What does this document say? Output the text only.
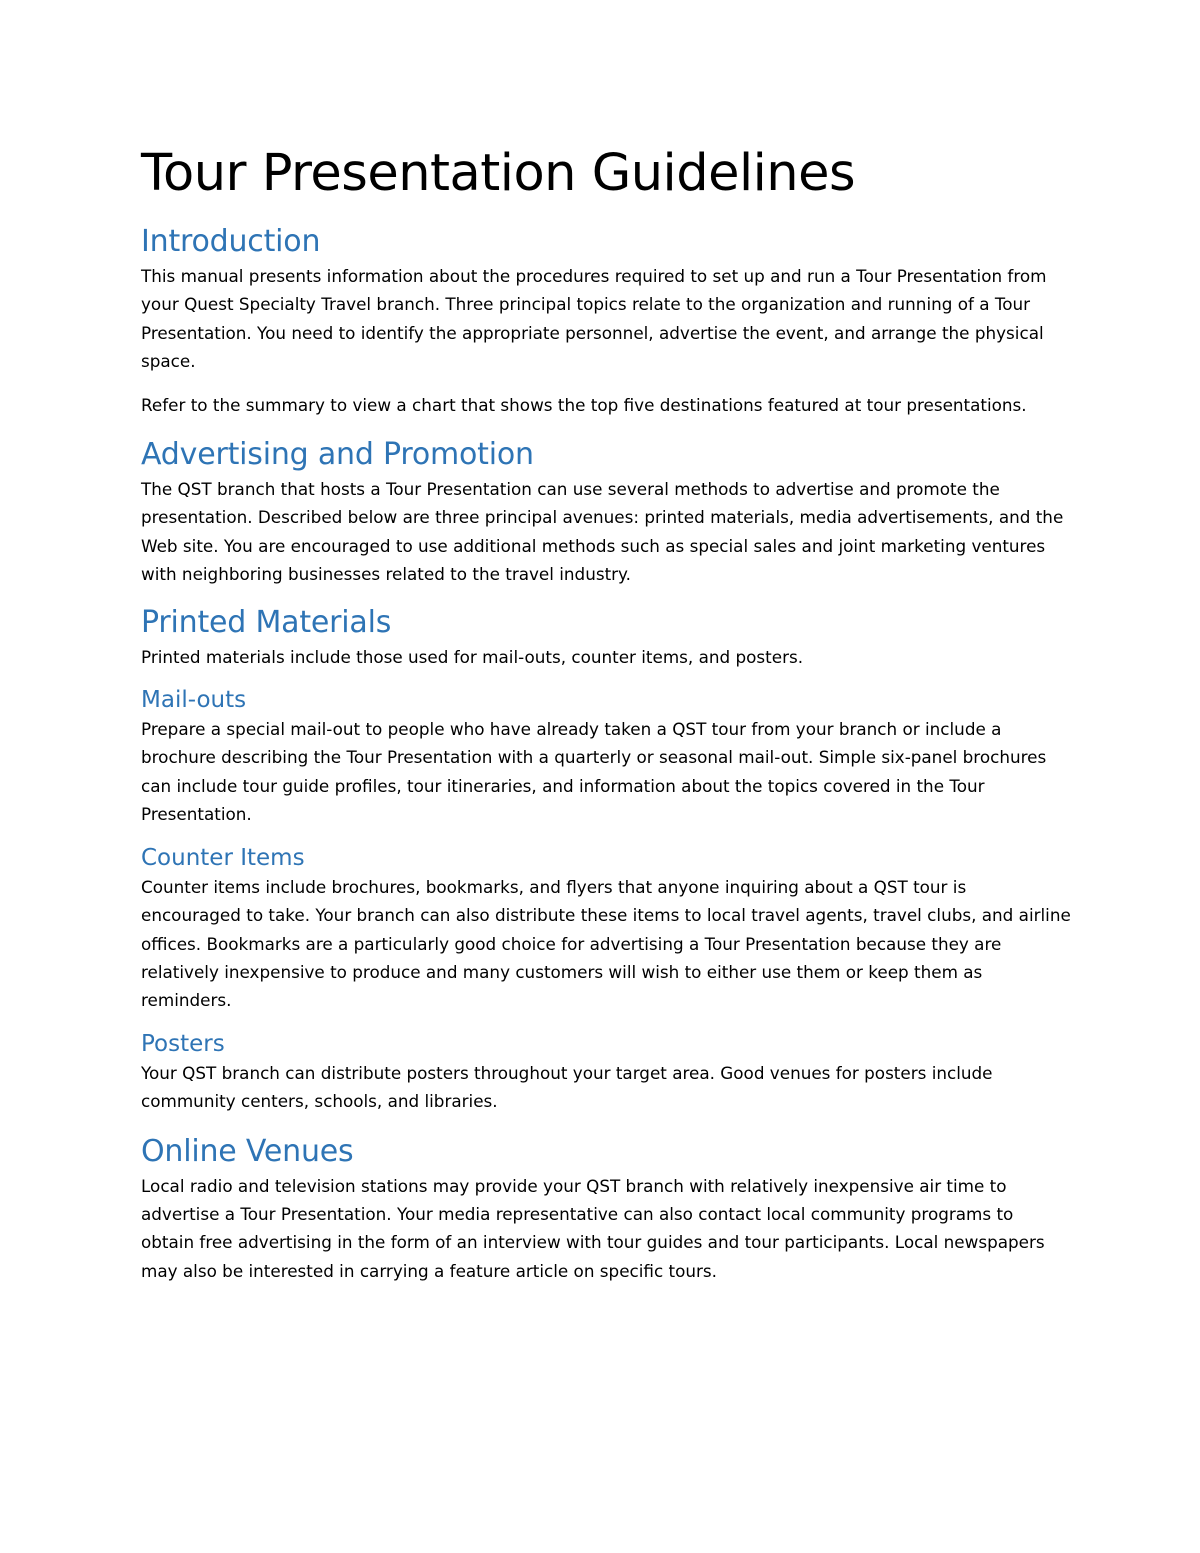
Tour Presentation Guidelines
Introduction

This manual presents information about the procedures required to set up and run a Tour Presentation from your Quest Specialty Travel branch. Three principal topics relate to the organization and running of a Tour Presentation. You need to identify the appropriate personnel, advertise the event, and arrange the physical space.

Refer to the summary to view a chart that shows the top five destinations featured at tour presentations.

Advertising and Promotion

The QST branch that hosts a Tour Presentation can use several methods to advertise and promote the presentation. Described below are three principal avenues: printed materials, media advertisements, and the Web site. You are encouraged to use additional methods such as special sales and joint marketing ventures with neighboring businesses related to the travel industry.

Printed Materials

Printed materials include those used for mail-outs, counter items, and posters.

Mail-outs

Prepare a special mail-out to people who have already taken a QST tour from your branch or include a brochure describing the Tour Presentation with a quarterly or seasonal mail-out. Simple six-panel brochures can include tour guide profiles, tour itineraries, and information about the topics covered in the Tour Presentation.

Counter Items

Counter items include brochures, bookmarks, and flyers that anyone inquiring about a QST tour is encouraged to take. Your branch can also distribute these items to local travel agents, travel clubs, and airline offices. Bookmarks are a particularly good choice for advertising a Tour Presentation because they are relatively inexpensive to produce and many customers will wish to either use them or keep them as reminders.

Posters

Your QST branch can distribute posters throughout your target area. Good venues for posters include community centers, schools, and libraries.

Online Venues

Local radio and television stations may provide your QST branch with relatively inexpensive air time to advertise a Tour Presentation. Your media representative can also contact local community programs to obtain free advertising in the form of an interview with tour guides and tour participants. Local newspapers may also be interested in carrying a feature article on specific tours.
